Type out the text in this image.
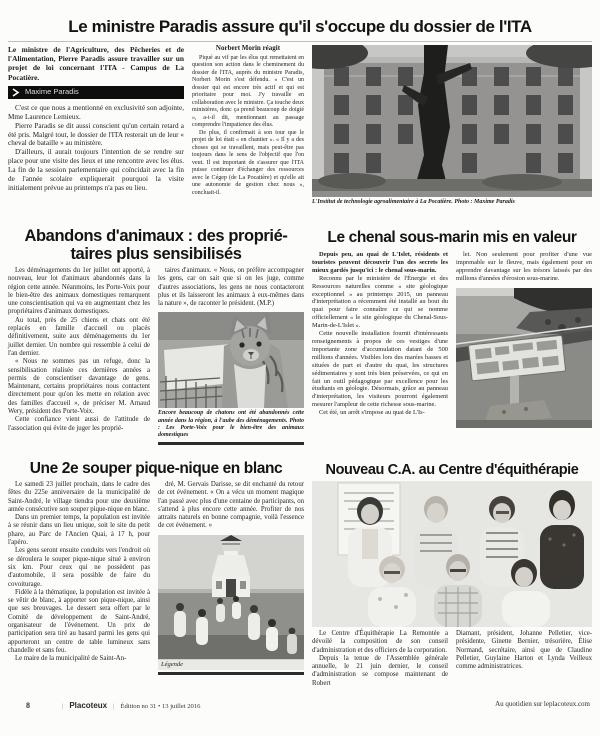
Le ministre Paradis assure qu'il s'occupe du dossier de l'ITA

Le ministre de l'Agriculture, des Pêcheries et de l'Alimentation, Pierre Paradis assure travailler sur un projet de loi concernant l'ITA - Campus de La Pocatière.

Maxime Paradis

C'est ce que nous a mentionné en exclusivité son adjointe, Mme Laurence Lemieux.

Pierre Paradis se dit aussi conscient qu'un certain retard a été pris. Malgré tout, le dossier de l'ITA resterait un de leur « cheval de bataille » au ministère.

D'ailleurs, il aurait toujours l'intention de se rendre sur place pour une visite des lieux et une rencontre avec les élus. La fin de la session parlementaire qui coïncidait avec la fin de l'année scolaire expliquerait pourquoi la visite initialement prévue au printemps n'a pas eu lieu.

Norbert Morin réagit

Piqué au vif par les élus qui remettaient en question son action dans le cheminement du dossier de l'ITA, auprès du ministre Paradis, Norbert Morin s'est défendu. « C'est un dossier qui est encore très actif et qui est prioritaire pour moi. J'y travaille en collaboration avec le ministre. Ça touche deux ministères, donc ça prend beaucoup de doigté », a-t-il dit, mentionnant au passage comprendre l'impatience des élus.

De plus, il confirmait à son tour que le projet de loi était « en chantier ». « Il y a des choses qui se travaillent, mais peut-être pas toujours dans le sens de l'objectif que l'on veut. Il est important de s'assurer que l'ITA puisse continuer d'échanger des ressources avec le Cégep (de La Pocatière) et qu'elle ait une autonomie de gestion chez nous », concluait-il.

L'Institut de technologie agroalimentaire à La Pocatière. Photo : Maxime Paradis

Abandons d'animaux : des proprié-
taires plus sensibilisés

Les déménagements du 1er juillet ont apporté, à nouveau, leur lot d'animaux abandonnés dans la région cette année. Néanmoins, les Porte-Voix pour le bien-être des animaux domestiques remarquent une conscientisation qui va en augmentant chez les propriétaires d'animaux domestiques.

Au total, près de 25 chiens et chats ont été replacés en famille d'accueil ou placés définitivement, suite aux déménagements du 1er juillet dernier. Un nombre qui ressemble à celui de l'an dernier.

« Nous ne sommes pas un refuge, donc la sensibilisation réalisée ces dernières années a permis de conscientiser davantage de gens. Maintenant, certains propriétaires nous contactent directement pour qu'on les mette en relation avec des familles d'accueil », de préciser M. Arnaud Wery, président des Porte-Voix.

Cette confiance vient aussi de l'attitude de l'association qui évite de juger les proprié-

taires d'animaux. « Nous, on préfère accompagner les gens, car on sait que si on les juge, comme d'autres associations, les gens ne nous contacteront plus et ils laisseront les animaux à eux-mêmes dans la nature », de raconter le président. (M.P.)

Encore beaucoup de chatons ont été abandonnés cette année dans la région, à l'aube des déménagements. Photo : Les Porte-Voix pour le bien-être des animaux domestiques

Le chenal sous-marin mis en valeur

Depuis peu, au quai de L'Islet, résidents et touristes peuvent découvrir l'un des secrets les mieux gardés jusqu'ici : le chenal sous-marin.

Reconnu par le ministère de l'Énergie et des Ressources naturelles comme « site géologique exceptionnel » au printemps 2015, un panneau d'interprétation a récemment été installé au bout du quai pour faire connaître ce qui se nomme officiellement « le site géologique du Chenal-Sous-Marin-de-L'Islet ».

Cette nouvelle installation fournit d'intéressants renseignements à propos de ces vestiges d'une importante zone d'accumulation datant de 500 millions d'années. Visibles lors des marées basses et situées de part et d'autre du quai, les structures sédimentaires y sont très bien préservées, ce qui en fait un outil pédagogique par excellence pour les étudiants en géologie. Désormais, grâce au panneau d'interprétation, les visiteurs pourront également mesurer l'ampleur de cette richesse sous-marine.

Cet été, un arrêt s'impose au quai de L'Is-

let. Non seulement pour profiter d'une vue imprenable sur le fleuve, mais également pour en apprendre davantage sur les trésors laissés par des millions d'années d'érosion sous-marine.

Une 2e souper pique-nique en blanc

Le samedi 23 juillet prochain, dans le cadre des fêtes du 225e anniversaire de la municipalité de Saint-André, le village tiendra pour une deuxième année consécutive son souper pique-nique en blanc.

Dans un premier temps, la population est invitée à se réunir dans un lieu unique, soit le site du petit phare, au Parc de l'Ancien Quai, à 17 h, pour l'apéro.

Les gens seront ensuite conduits vers l'endroit où se déroulera le souper pique-nique situé à environ six km. Pour ceux qui ne possèdent pas d'automobile, il sera possible de faire du covoiturage.

Fidèle à la thématique, la population est invitée à se vêtir de blanc, à apporter son pique-nique, ainsi que ses breuvages. Le dessert sera offert par le Comité de développement de Saint-André, organisateur de l'événement. Un prix de participation sera tiré au hasard parmi les gens qui apporteront un centre de table lumineux sans chandelle et sans feu.

Le maire de la municipalité de Saint-An-

dré, M. Gervais Darisse, se dit enchanté du retour de cet événement. « On a vécu un moment magique l'an passé avec plus d'une centaine de participants, on s'attend à plus encore cette année. Profiter de nos attraits naturels en bonne compagnie, voilà l'essence de cet événement. »

Légende
Nouveau C.A. au Centre d'équithérapie

Le Centre d'Équithérapie La Remontée a dévoilé la composition de son conseil d'administration et des officiers de la corporation.

Depuis la tenue de l'Assemblée générale annuelle, le 21 juin dernier, le conseil d'administration se compose maintenant de Robert

Diamant, président, Johanne Pelletier, vice-présidente, Ginette Bernier, trésorière, Élise Normand, secrétaire, ainsi que de Claudine Pelletier, Guylaine Harton et Lynda Veilleux comme administratrices.

8	| Placoteux | Édition no 31 • 13 juillet 2016	Au quotidien sur leplacoteux.com
